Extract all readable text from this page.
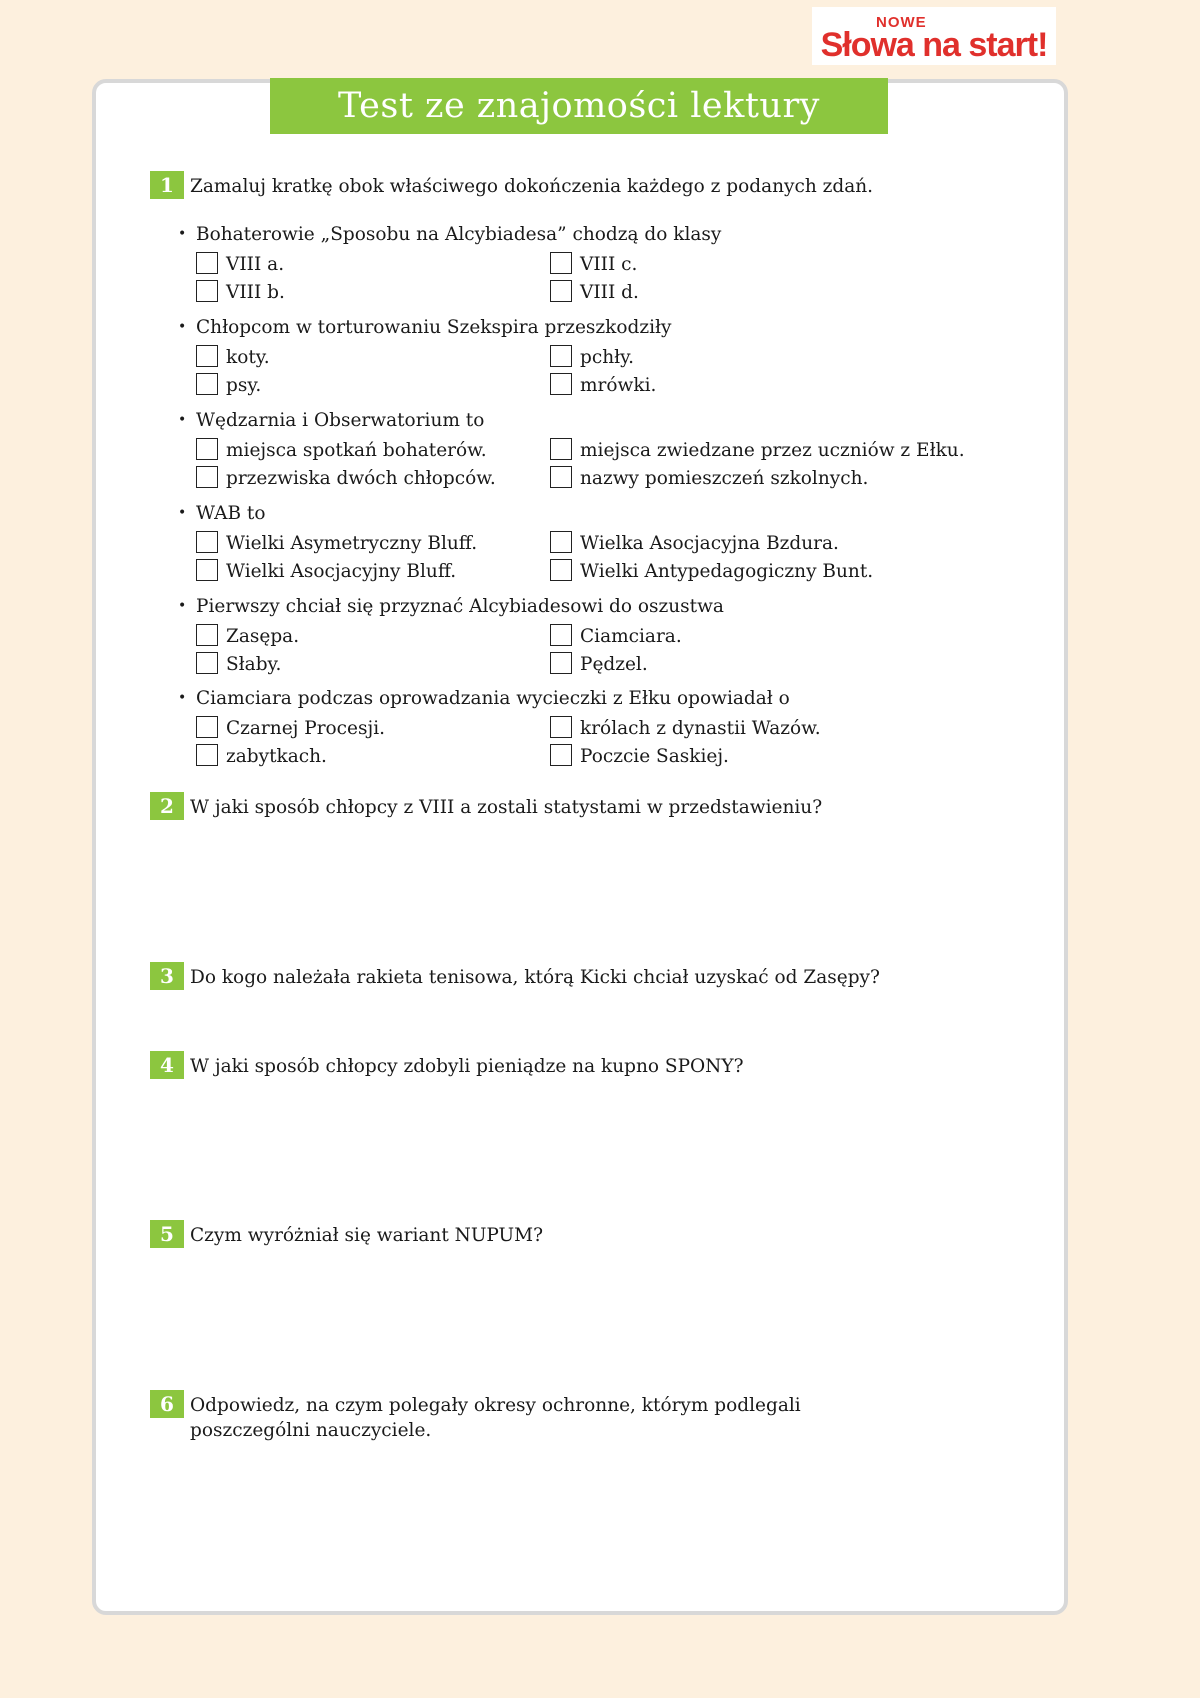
NOWE
Słowa na start!
Test ze znajomości lektury
1 Zamaluj kratkę obok właściwego dokończenia każdego z podanych zdań.
• Bohaterowie „Sposobu na Alcybiadesa” chodzą do klasy
VIII a.	VIII c.
VIII b.	VIII d.
• Chłopcom w torturowaniu Szekspira przeszkodziły
koty.	pchły.
psy.	mrówki.
• Wędzarnia i Obserwatorium to
miejsca spotkań bohaterów.	miejsca zwiedzane przez uczniów z Ełku.
przezwiska dwóch chłopców.	nazwy pomieszczeń szkolnych.
• WAB to
Wielki Asymetryczny Bluff.	Wielka Asocjacyjna Bzdura.
Wielki Asocjacyjny Bluff.	Wielki Antypedagogiczny Bunt.
• Pierwszy chciał się przyznać Alcybiadesowi do oszustwa
Zasępa.	Ciamciara.
Słaby.	Pędzel.
• Ciamciara podczas oprowadzania wycieczki z Ełku opowiadał o
Czarnej Procesji.	królach z dynastii Wazów.
zabytkach.	Poczcie Saskiej.
2 W jaki sposób chłopcy z VIII a zostali statystami w przedstawieniu?
3 Do kogo należała rakieta tenisowa, którą Kicki chciał uzyskać od Zasępy?
4 W jaki sposób chłopcy zdobyli pieniądze na kupno SPONY?
5 Czym wyróżniał się wariant NUPUM?
6 Odpowiedz, na czym polegały okresy ochronne, którym podlegali
poszczególni nauczyciele.
